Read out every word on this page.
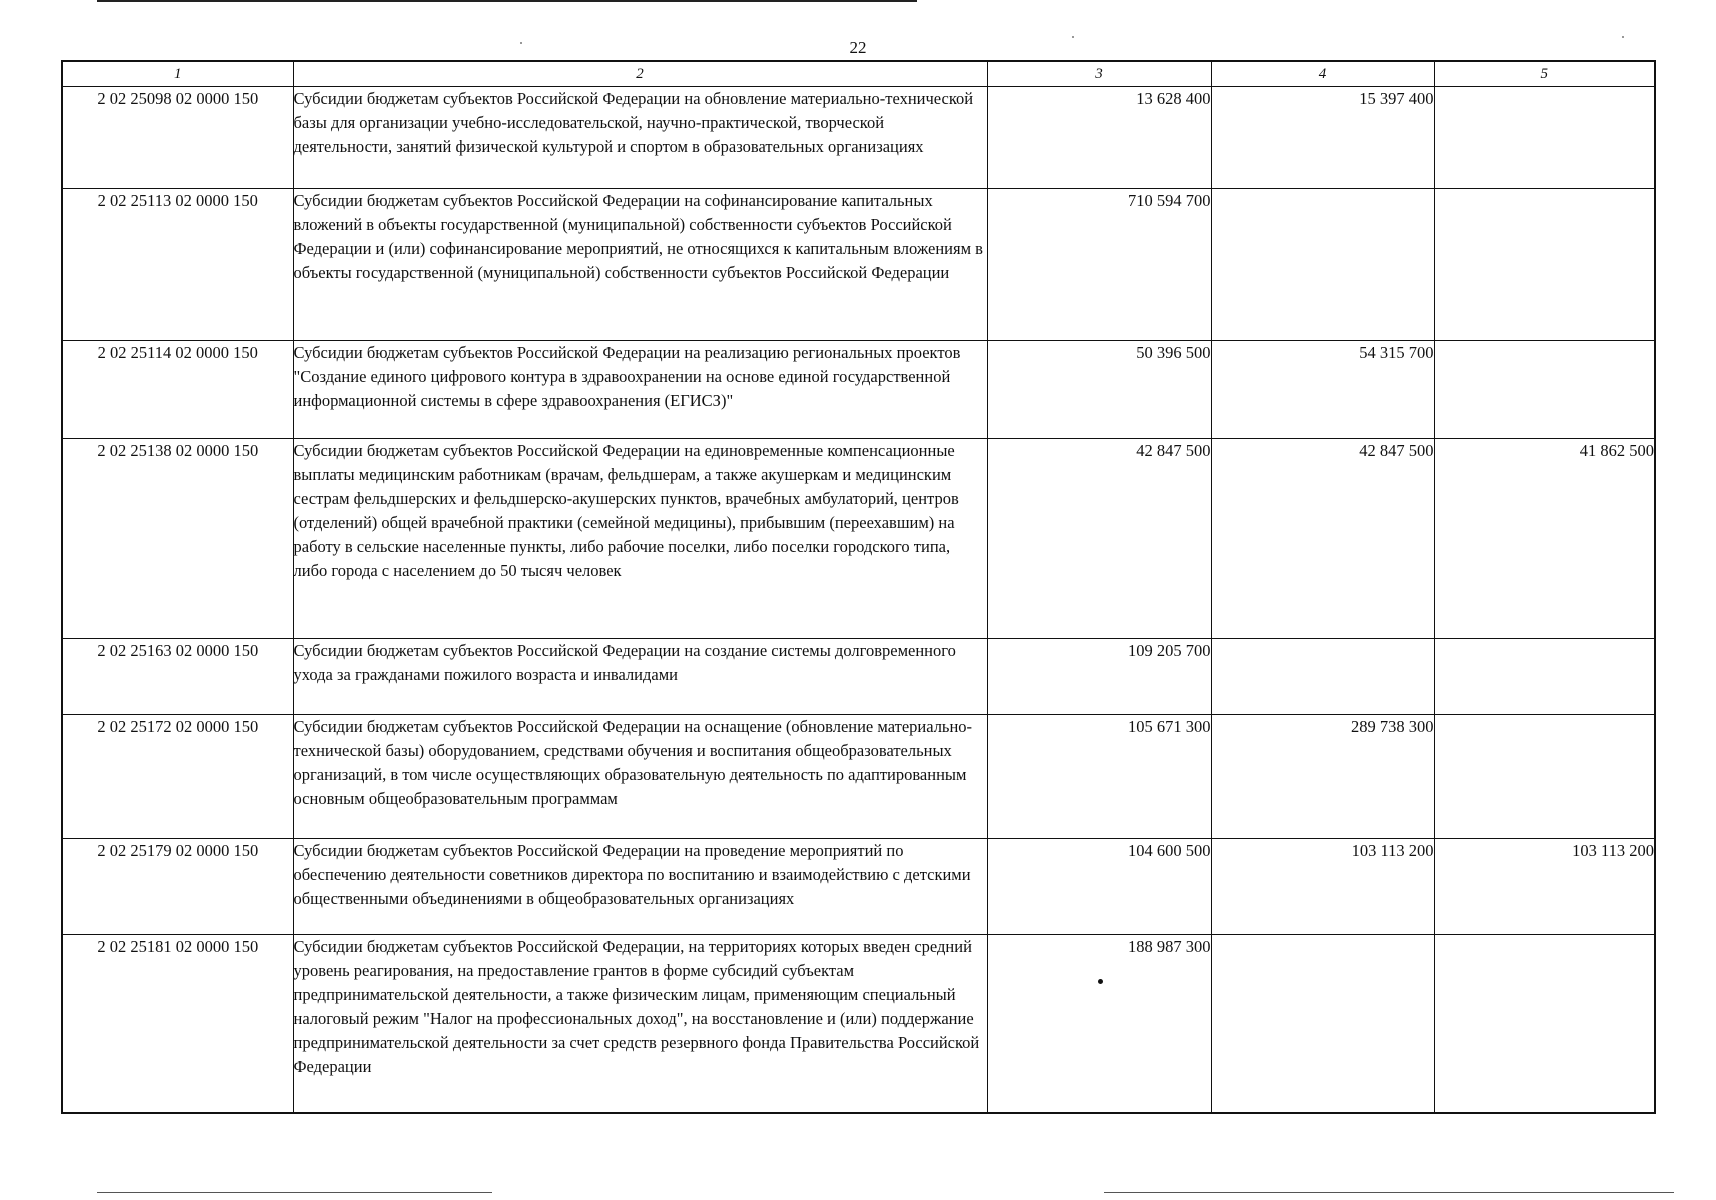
22
1	2	3	4	5
2 02 25098 02 0000 150	Субсидии бюджетам субъектов Российской Федерации на обновление материально-технической базы для организации учебно-исследовательской, научно-практической, творческой деятельности, занятий физической культурой и спортом в образовательных организациях	13 628 400	15 397 400	
2 02 25113 02 0000 150	Субсидии бюджетам субъектов Российской Федерации на софинансирование капитальных вложений в объекты государственной (муниципальной) собственности субъектов Российской Федерации и (или) софинансирование мероприятий, не относящихся к капитальным вложениям в объекты государственной (муниципальной) собственности субъектов Российской Федерации	710 594 700		
2 02 25114 02 0000 150	Субсидии бюджетам субъектов Российской Федерации на реализацию региональных проектов "Создание единого цифрового контура в здравоохранении на основе единой государственной информационной системы в сфере здравоохранения (ЕГИСЗ)"	50 396 500	54 315 700	
2 02 25138 02 0000 150	Субсидии бюджетам субъектов Российской Федерации на единовременные компенсационные выплаты медицинским работникам (врачам, фельдшерам, а также акушеркам и медицинским сестрам фельдшерских и фельдшерско-акушерских пунктов, врачебных амбулаторий, центров (отделений) общей врачебной практики (семейной медицины), прибывшим (переехавшим) на работу в сельские населенные пункты, либо рабочие поселки, либо поселки городского типа, либо города с населением до 50 тысяч человек	42 847 500	42 847 500	41 862 500
2 02 25163 02 0000 150	Субсидии бюджетам субъектов Российской Федерации на создание системы долговременного ухода за гражданами пожилого возраста и инвалидами	109 205 700		
2 02 25172 02 0000 150	Субсидии бюджетам субъектов Российской Федерации на оснащение (обновление материально-технической базы) оборудованием, средствами обучения и воспитания общеобразовательных организаций, в том числе осуществляющих образовательную деятельность по адаптированным основным общеобразовательным программам	105 671 300	289 738 300	
2 02 25179 02 0000 150	Субсидии бюджетам субъектов Российской Федерации на проведение мероприятий по обеспечению деятельности советников директора по воспитанию и взаимодействию с детскими общественными объединениями в общеобразовательных организациях	104 600 500	103 113 200	103 113 200
2 02 25181 02 0000 150	Субсидии бюджетам субъектов Российской Федерации, на территориях которых введен средний уровень реагирования, на предоставление грантов в форме субсидий субъектам предпринимательской деятельности, а также физическим лицам, применяющим специальный налоговый режим "Налог на профессиональных доход", на восстановление и (или) поддержание предпринимательской деятельности за счет средств резервного фонда Правительства Российской Федерации	188 987 300		
